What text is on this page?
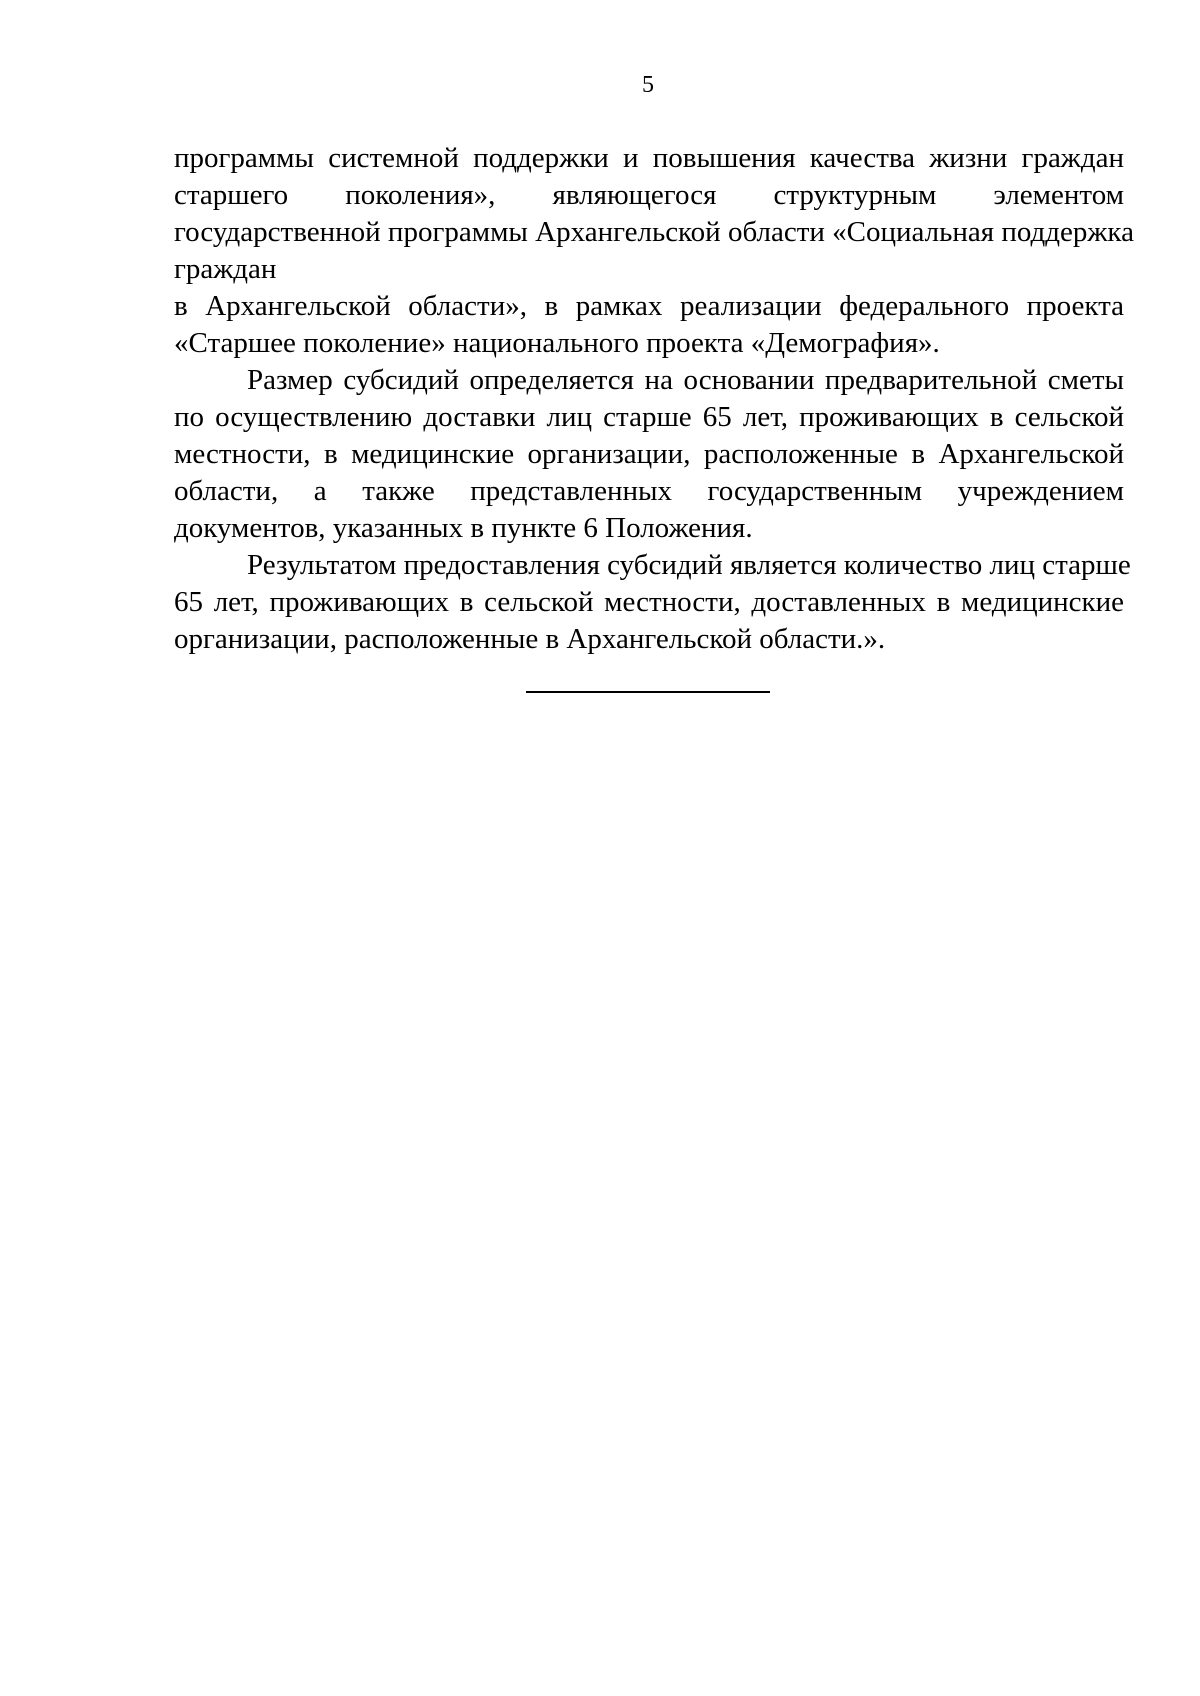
5

программы системной поддержки и повышения качества жизни граждан
старшего поколения», являющегося структурным элементом
государственной программы Архангельской области «Социальная поддержка
граждан
в Архангельской области», в рамках реализации федерального проекта
«Старшее поколение» национального проекта «Демография».

Размер субсидий определяется на основании предварительной сметы
по осуществлению доставки лиц старше 65 лет, проживающих в сельской
местности, в медицинские организации, расположенные в Архангельской
области, а также представленных государственным учреждением
документов, указанных в пункте 6 Положения.

Результатом предоставления субсидий является количество лиц старше
65 лет, проживающих в сельской местности, доставленных в медицинские
организации, расположенные в Архангельской области.».
